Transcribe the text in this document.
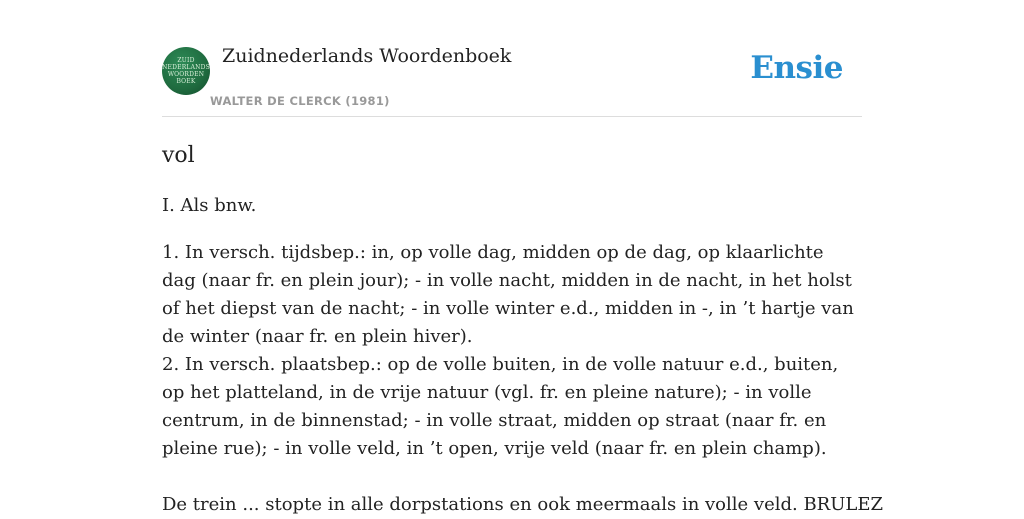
ZUID
NEDERLANDS
WOORDEN
BOEK
Zuidnederlands Woordenboek
WALTER DE CLERCK (1981)
Ensie
vol
I. Als bnw.

1. In versch. tijdsbep.: in, op volle dag, midden op de dag, op klaarlichte dag (naar fr. en plein jour); - in volle nacht, midden in de nacht, in het holst of het diepst van de nacht; - in volle winter e.d., midden in -, in ’t hartje van de winter (naar fr. en plein hiver).

2. In versch. plaatsbep.: op de volle buiten, in de volle natuur e.d., buiten, op het platteland, in de vrije natuur (vgl. fr. en pleine nature); - in volle centrum, in de binnenstad; - in volle straat, midden op straat (naar fr. en pleine rue); - in volle veld, in ’t open, vrije veld (naar fr. en plein champ).

De trein ... stopte in alle dorpstations en ook meermaals in volle veld. BRULEZ
